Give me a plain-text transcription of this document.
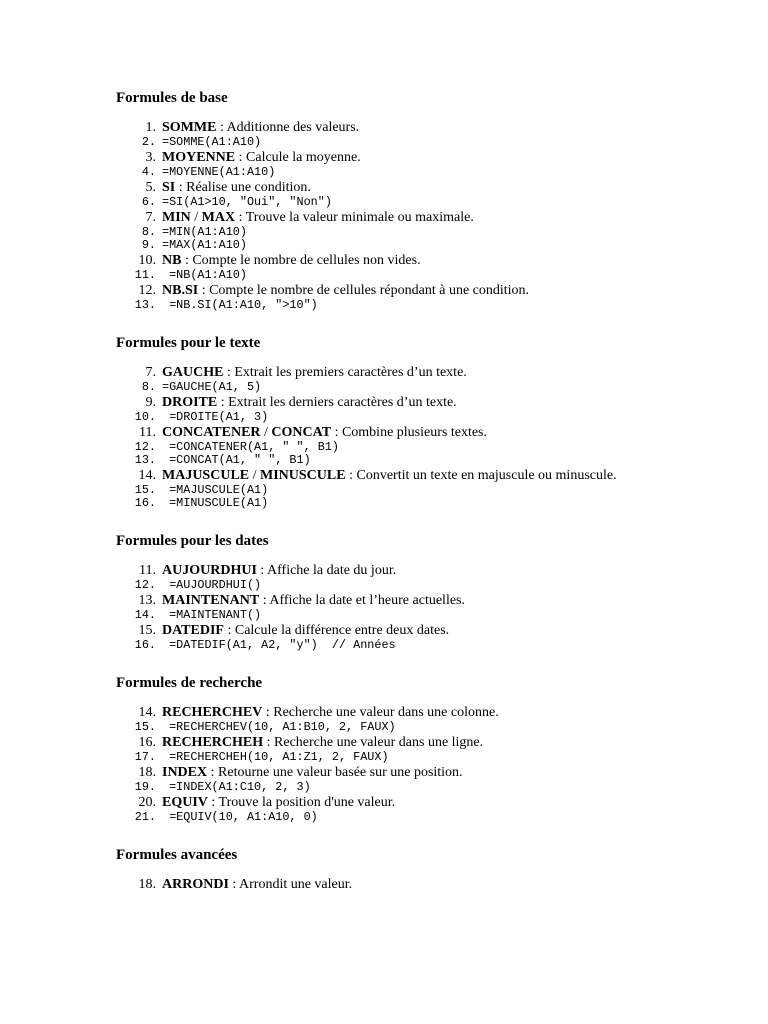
Formules de base
1. SOMME : Additionne des valeurs.
2. =SOMME(A1:A10)
3. MOYENNE : Calcule la moyenne.
4. =MOYENNE(A1:A10)
5. SI : Réalise une condition.
6. =SI(A1>10, "Oui", "Non")
7. MIN / MAX : Trouve la valeur minimale ou maximale.
8. =MIN(A1:A10)
9. =MAX(A1:A10)
10. NB : Compte le nombre de cellules non vides.
11. =NB(A1:A10)
12. NB.SI : Compte le nombre de cellules répondant à une condition.
13. =NB.SI(A1:A10, ">10")
Formules pour le texte
7. GAUCHE : Extrait les premiers caractères d’un texte.
8. =GAUCHE(A1, 5)
9. DROITE : Extrait les derniers caractères d’un texte.
10. =DROITE(A1, 3)
11. CONCATENER / CONCAT : Combine plusieurs textes.
12. =CONCATENER(A1, " ", B1)
13. =CONCAT(A1, " ", B1)
14. MAJUSCULE / MINUSCULE : Convertit un texte en majuscule ou minuscule.
15. =MAJUSCULE(A1)
16. =MINUSCULE(A1)
Formules pour les dates
11. AUJOURDHUI : Affiche la date du jour.
12. =AUJOURDHUI()
13. MAINTENANT : Affiche la date et l’heure actuelles.
14. =MAINTENANT()
15. DATEDIF : Calcule la différence entre deux dates.
16. =DATEDIF(A1, A2, "y")  // Années
Formules de recherche
14. RECHERCHEV : Recherche une valeur dans une colonne.
15. =RECHERCHEV(10, A1:B10, 2, FAUX)
16. RECHERCHEH : Recherche une valeur dans une ligne.
17. =RECHERCHEH(10, A1:Z1, 2, FAUX)
18. INDEX : Retourne une valeur basée sur une position.
19. =INDEX(A1:C10, 2, 3)
20. EQUIV : Trouve la position d'une valeur.
21. =EQUIV(10, A1:A10, 0)
Formules avancées
18. ARRONDI : Arrondit une valeur.
